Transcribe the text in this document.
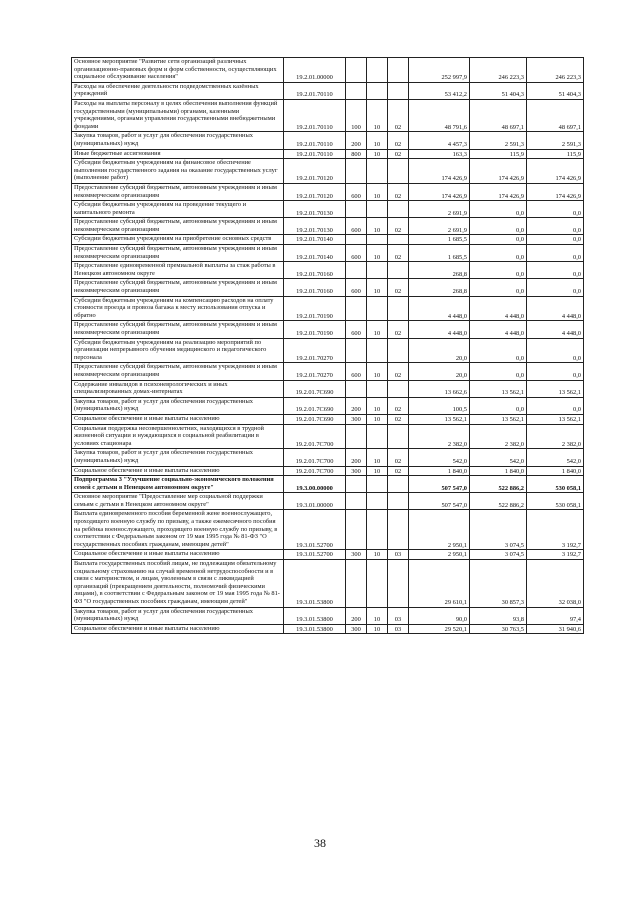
Основное мероприятие "Развитие сети организаций различных организационно-правовых форм и форм собственности, осуществляющих социальное обслуживание населения"	19.2.01.00000				252 997,9	246 223,3	246 223,3
Расходы на обеспечение деятельности подведомственных казённых учреждений	19.2.01.70110				53 412,2	51 404,3	51 404,3
Расходы на выплаты персоналу в целях обеспечения выполнения функций государственными (муниципальными) органами, казенными учреждениями, органами управления государственными внебюджетными фондами	19.2.01.70110	100	10	02	48 791,6	48 697,1	48 697,1
Закупка товаров, работ и услуг для обеспечения государственных (муниципальных) нужд	19.2.01.70110	200	10	02	4 457,3	2 591,3	2 591,3
Иные бюджетные ассигнования	19.2.01.70110	800	10	02	163,3	115,9	115,9
Субсидии бюджетным учреждениям на финансовое обеспечение выполнения государственного задания на оказание государственных услуг (выполнение работ)	19.2.01.70120				174 426,9	174 426,9	174 426,9
Предоставление субсидий бюджетным, автономным учреждениям и иным некоммерческим организациям	19.2.01.70120	600	10	02	174 426,9	174 426,9	174 426,9
Субсидии бюджетным учреждениям на проведение текущего и капитального ремонта	19.2.01.70130				2 691,9	0,0	0,0
Предоставление субсидий бюджетным, автономным учреждениям и иным некоммерческим организациям	19.2.01.70130	600	10	02	2 691,9	0,0	0,0
Субсидии бюджетным учреждениям на приобретение основных средств	19.2.01.70140				1 685,5	0,0	0,0
Предоставление субсидий бюджетным, автономным учреждениям и иным некоммерческим организациям	19.2.01.70140	600	10	02	1 685,5	0,0	0,0
Предоставление единовременной премиальной выплаты за стаж работы в Ненецком автономном округе	19.2.01.70160				268,8	0,0	0,0
Предоставление субсидий бюджетным, автономным учреждениям и иным некоммерческим организациям	19.2.01.70160	600	10	02	268,8	0,0	0,0
Субсидии бюджетным учреждениям на компенсацию расходов на оплату стоимости проезда и провоза багажа к месту использования отпуска и обратно	19.2.01.70190				4 448,0	4 448,0	4 448,0
Предоставление субсидий бюджетным, автономным учреждениям и иным некоммерческим организациям	19.2.01.70190	600	10	02	4 448,0	4 448,0	4 448,0
Субсидии бюджетным учреждениям на реализацию мероприятий по организации непрерывного обучения медицинского и педагогического персонала	19.2.01.70270				20,0	0,0	0,0
Предоставление субсидий бюджетным, автономным учреждениям и иным некоммерческим организациям	19.2.01.70270	600	10	02	20,0	0,0	0,0
Содержание инвалидов в психоневрологических и иных специализированных домах-интернатах	19.2.01.7С690				13 662,6	13 562,1	13 562,1
Закупка товаров, работ и услуг для обеспечения государственных (муниципальных) нужд	19.2.01.7С690	200	10	02	100,5	0,0	0,0
Социальное обеспечение и иные выплаты населению	19.2.01.7С690	300	10	02	13 562,1	13 562,1	13 562,1
Социальная поддержка несовершеннолетних, находящихся в трудной жизненной ситуации и нуждающихся в социальной реабилитации в условиях стационара	19.2.01.7С700				2 382,0	2 382,0	2 382,0
Закупка товаров, работ и услуг для обеспечения государственных (муниципальных) нужд	19.2.01.7С700	200	10	02	542,0	542,0	542,0
Социальное обеспечение и иные выплаты населению	19.2.01.7С700	300	10	02	1 840,0	1 840,0	1 840,0
Подпрограмма 3 "Улучшение социально-экономического положения семей с детьми в Ненецком автономном округе"	19.3.00.00000				507 547,0	522 886,2	530 058,1
Основное мероприятие "Предоставление мер социальной поддержки семьям с детьми в Ненецком автономном округе"	19.3.01.00000				507 547,0	522 886,2	530 058,1
Выплата единовременного пособия беременной жене военнослужащего, проходящего военную службу по призыву, а также ежемесячного пособия на ребёнка военнослужащего, проходящего военную службу по призыву, в соответствии с Федеральным законом от 19 мая 1995 года № 81-ФЗ "О государственных пособиях гражданам, имеющим детей"	19.3.01.52700				2 950,1	3 074,5	3 192,7
Социальное обеспечение и иные выплаты населению	19.3.01.52700	300	10	03	2 950,1	3 074,5	3 192,7
Выплата государственных пособий лицам, не подлежащим обязательному социальному страхованию на случай временной нетрудоспособности и в связи с материнством, и лицам, уволенным в связи с ликвидацией организаций (прекращением деятельности, полномочий физическими лицами), в соответствии с Федеральным законом от 19 мая 1995 года № 81-ФЗ "О государственных пособиях гражданам, имеющим детей"	19.3.01.53800				29 610,1	30 857,3	32 038,0
Закупка товаров, работ и услуг для обеспечения государственных (муниципальных) нужд	19.3.01.53800	200	10	03	90,0	93,8	97,4
Социальное обеспечение и иные выплаты населению	19.3.01.53800	300	10	03	29 520,1	30 763,5	31 940,6
38
